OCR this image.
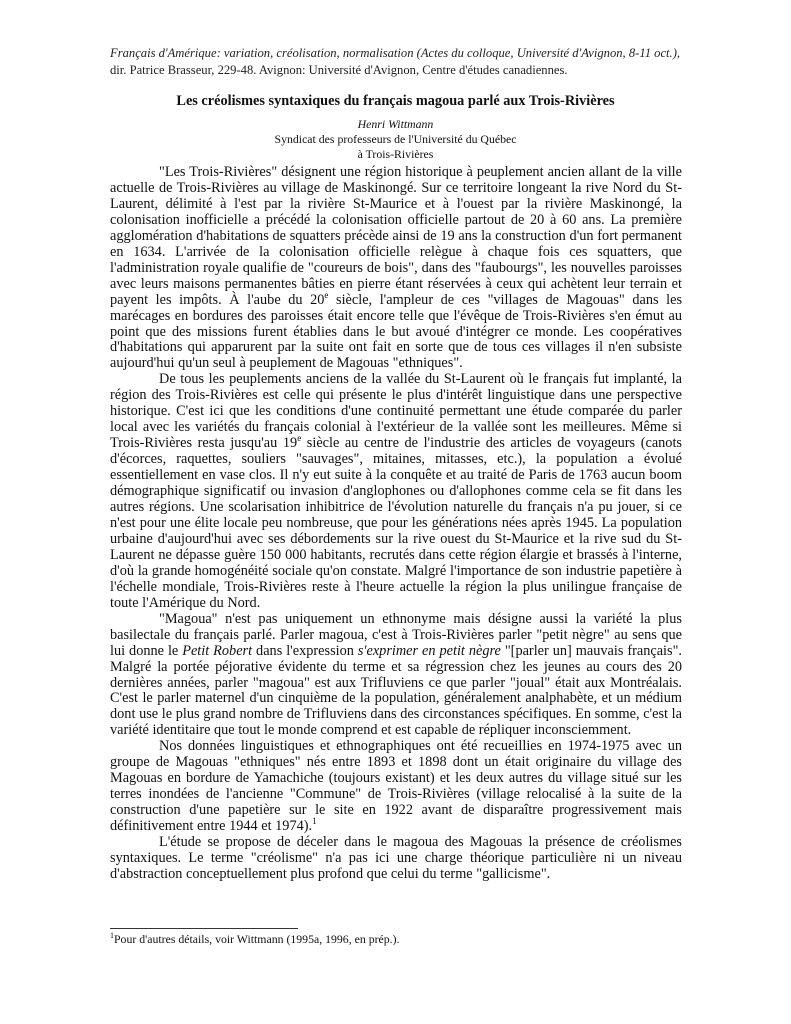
Français d'Amérique: variation, créolisation, normalisation (Actes du colloque, Université d'Avignon, 8-11 oct.), dir. Patrice Brasseur, 229-48. Avignon: Université d'Avignon, Centre d'études canadiennes.
Les créolismes syntaxiques du français magoua parlé aux Trois-Rivières
Henri Wittmann
Syndicat des professeurs de l'Université du Québec
à Trois-Rivières

"Les Trois-Rivières" désignent une région historique à peuplement ancien allant de la ville actuelle de Trois-Rivières au village de Maskinongé. Sur ce territoire longeant la rive Nord du St-Laurent, délimité à l'est par la rivière St-Maurice et à l'ouest par la rivière Maskinongé, la colonisation inofficielle a précédé la colonisation officielle partout de 20 à 60 ans. La première agglomération d'habitations de squatters précède ainsi de 19 ans la construction d'un fort permanent en 1634. L'arrivée de la colonisation officielle relègue à chaque fois ces squatters, que l'administration royale qualifie de "coureurs de bois", dans des "faubourgs", les nouvelles paroisses avec leurs maisons permanentes bâties en pierre étant réservées à ceux qui achètent leur terrain et payent les impôts. À l'aube du 20e siècle, l'ampleur de ces "villages de Magouas" dans les marécages en bordures des paroisses était encore telle que l'évêque de Trois-Rivières s'en émut au point que des missions furent établies dans le but avoué d'intégrer ce monde. Les coopératives d'habitations qui apparurent par la suite ont fait en sorte que de tous ces villages il n'en subsiste aujourd'hui qu'un seul à peuplement de Magouas "ethniques".

De tous les peuplements anciens de la vallée du St-Laurent où le français fut implanté, la région des Trois-Rivières est celle qui présente le plus d'intérêt linguistique dans une perspective historique. C'est ici que les conditions d'une continuité permettant une étude comparée du parler local avec les variétés du français colonial à l'extérieur de la vallée sont les meilleures. Même si Trois-Rivières resta jusqu'au 19e siècle au centre de l'industrie des articles de voyageurs (canots d'écorces, raquettes, souliers "sauvages", mitaines, mitasses, etc.), la population a évolué essentiellement en vase clos. Il n'y eut suite à la conquête et au traité de Paris de 1763 aucun boom démographique significatif ou invasion d'anglophones ou d'allophones comme cela se fit dans les autres régions. Une scolarisation inhibitrice de l'évolution naturelle du français n'a pu jouer, si ce n'est pour une élite locale peu nombreuse, que pour les générations nées après 1945. La population urbaine d'aujourd'hui avec ses débordements sur la rive ouest du St-Maurice et la rive sud du St-Laurent ne dépasse guère 150 000 habitants, recrutés dans cette région élargie et brassés à l'interne, d'où la grande homogénéité sociale qu'on constate. Malgré l'importance de son industrie papetière à l'échelle mondiale, Trois-Rivières reste à l'heure actuelle la région la plus unilingue française de toute l'Amérique du Nord.

"Magoua" n'est pas uniquement un ethnonyme mais désigne aussi la variété la plus basilectale du français parlé. Parler magoua, c'est à Trois-Rivières parler "petit nègre" au sens que lui donne le Petit Robert dans l'expression s'exprimer en petit nègre "[parler un] mauvais français". Malgré la portée péjorative évidente du terme et sa régression chez les jeunes au cours des 20 dernières années, parler "magoua" est aux Trifluviens ce que parler "joual" était aux Montréalais. C'est le parler maternel d'un cinquième de la population, généralement analphabète, et un médium dont use le plus grand nombre de Trifluviens dans des circonstances spécifiques. En somme, c'est la variété identitaire que tout le monde comprend et est capable de répliquer inconsciemment.

Nos données linguistiques et ethnographiques ont été recueillies en 1974-1975 avec un groupe de Magouas "ethniques" nés entre 1893 et 1898 dont un était originaire du village des Magouas en bordure de Yamachiche (toujours existant) et les deux autres du village situé sur les terres inondées de l'ancienne "Commune" de Trois-Rivières (village relocalisé à la suite de la construction d'une papetière sur le site en 1922 avant de disparaître progressivement mais définitivement entre 1944 et 1974).$^1$

L'étude se propose de déceler dans le magoua des Magouas la présence de créolismes syntaxiques. Le terme "créolisme" n'a pas ici une charge théorique particulière ni un niveau d'abstraction conceptuellement plus profond que celui du terme "gallicisme".

$^1$Pour d'autres détails, voir Wittmann (1995a, 1996, en prép.).
